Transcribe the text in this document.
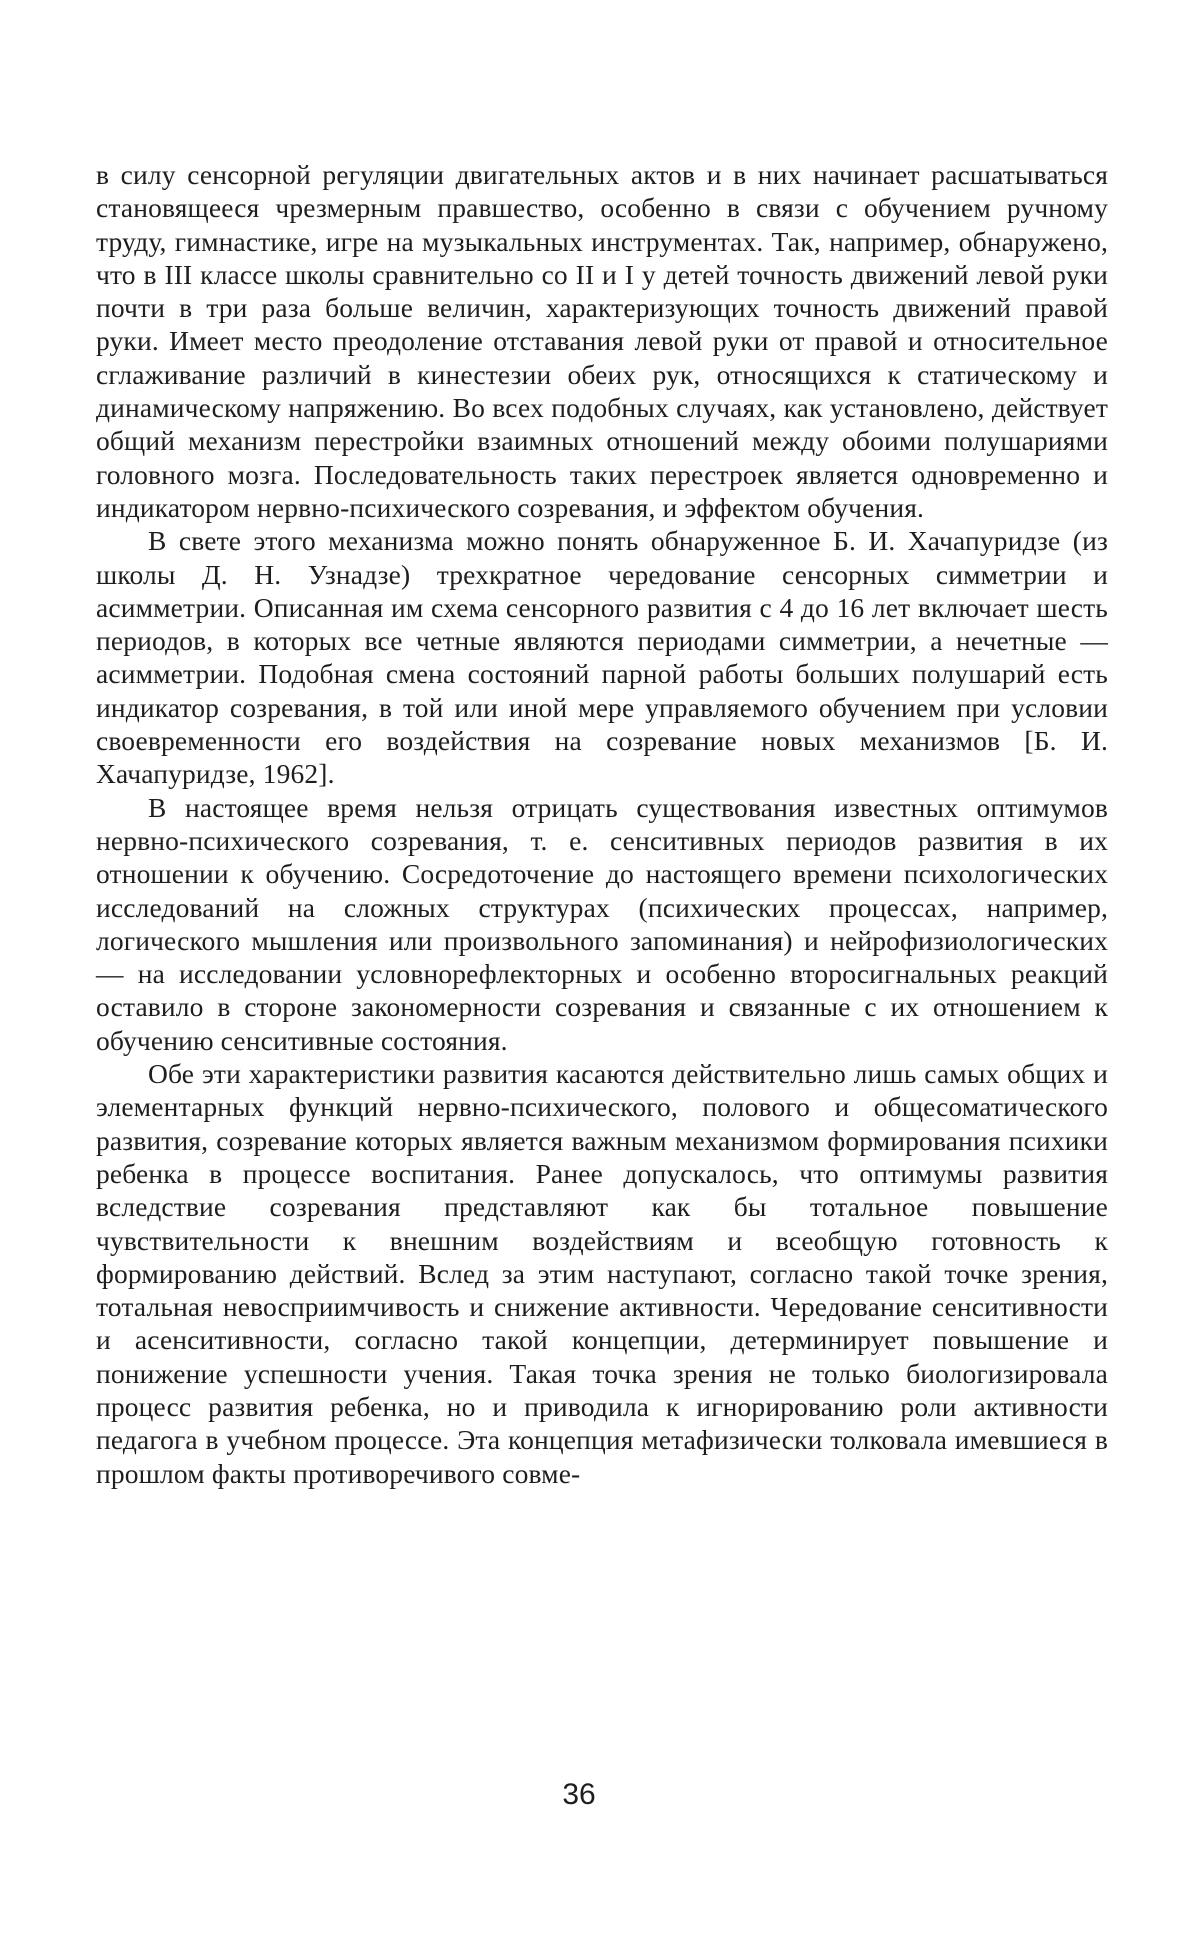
в силу сенсорной регуляции двигательных актов и в них начинает расшатываться становящееся чрезмерным правшество, особенно в связи с обучением ручному труду, гимнастике, игре на музыкальных инструментах. Так, например, обнаружено, что в III классе школы сравнительно со II и I у детей точность движений левой руки почти в три раза больше величин, характеризующих точность движений правой руки. Имеет место преодоление отставания левой руки от правой и относительное сглаживание различий в кинестезии обеих рук, относящихся к статическому и динамическому напряжению. Во всех подобных случаях, как установлено, действует общий механизм перестройки взаимных отношений между обоими полушариями головного мозга. Последовательность таких перестроек является одновременно и индикатором нервно-психического созревания, и эффектом обучения.

В свете этого механизма можно понять обнаруженное Б. И. Хачапуридзе (из школы Д. Н. Узнадзе) трехкратное чередование сенсорных симметрии и асимметрии. Описанная им схема сенсорного развития с 4 до 16 лет включает шесть периодов, в которых все четные являются периодами симметрии, а нечетные — асимметрии. Подобная смена состояний парной работы больших полушарий есть индикатор созревания, в той или иной мере управляемого обучением при условии своевременности его воздействия на созревание новых механизмов [Б. И. Хачапуридзе, 1962].

В настоящее время нельзя отрицать существования известных оптимумов нервно-психического созревания, т. е. сенситивных периодов развития в их отношении к обучению. Сосредоточение до настоящего времени психологических исследований на сложных структурах (психических процессах, например, логического мышления или произвольного запоминания) и нейрофизиологических — на исследовании условнорефлекторных и особенно второсигнальных реакций оставило в стороне закономерности созревания и связанные с их отношением к обучению сенситивные состояния.

Обе эти характеристики развития касаются действительно лишь самых общих и элементарных функций нервно-психического, полового и общесоматического развития, созревание которых является важным механизмом формирования психики ребенка в процессе воспитания. Ранее допускалось, что оптимумы развития вследствие созревания представляют как бы тотальное повышение чувствительности к внешним воздействиям и всеобщую готовность к формированию действий. Вслед за этим наступают, согласно такой точке зрения, тотальная невосприимчивость и снижение активности. Чередование сенситивности и асенситивности, согласно такой концепции, детерминирует повышение и понижение успешности учения. Такая точка зрения не только биологизировала процесс развития ребенка, но и приводила к игнорированию роли активности педагога в учебном процессе. Эта концепция метафизически толковала имевшиеся в прошлом факты противоречивого совме-

36
